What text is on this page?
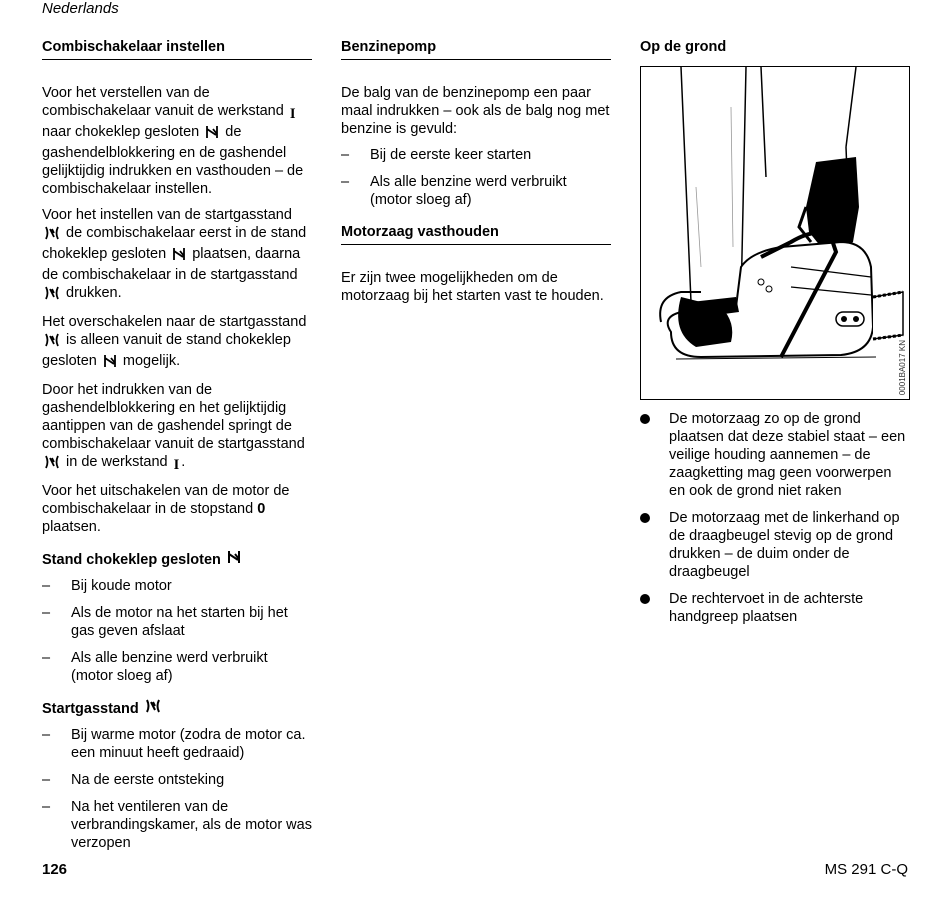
Nederlands
Combischakelaar instellen

Voor het verstellen van de combischakelaar vanuit de werkstand I naar chokeklep gesloten de gashendelblokkering en de gashendel gelijktijdig indrukken en vasthouden – de combischakelaar instellen.

Voor het instellen van de startgasstand  de combischakelaar eerst in de stand chokeklep gesloten plaatsen, daarna de combischakelaar in de startgasstand  drukken.

Het overschakelen naar de startgasstand  is alleen vanuit de stand chokeklep gesloten mogelijk.

Door het indrukken van de gashendelblokkering en het gelijktijdig aantippen van de gashendel springt de combischakelaar vanuit de startgasstand  in de werkstand I .

Voor het uitschakelen van de motor de combischakelaar in de stopstand 0 plaatsen.

Stand chokeklep gesloten
– Bij koude motor
– Als de motor na het starten bij het gas geven afslaat
– Als alle benzine werd verbruikt (motor sloeg af)
Startgasstand
– Bij warme motor (zodra de motor ca. een minuut heeft gedraaid)
– Na de eerste ontsteking
– Na het ventileren van de verbrandingskamer, als de motor was verzopen
Benzinepomp

De balg van de benzinepomp een paar maal indrukken – ook als de balg nog met benzine is gevuld:

– Bij de eerste keer starten
– Als alle benzine werd verbruikt (motor sloeg af)
Motorzaag vasthouden

Er zijn twee mogelijkheden om de motorzaag bij het starten vast te houden.

Op de grond
0001BA017 KN
De motorzaag zo op de grond plaatsen dat deze stabiel staat – een veilige houding aannemen – de zaagketting mag geen voorwerpen en ook de grond niet raken
De motorzaag met de linkerhand op de draagbeugel stevig op de grond drukken – de duim onder de draagbeugel
De rechtervoet in de achterste handgreep plaatsen
126	MS 291 C-Q
